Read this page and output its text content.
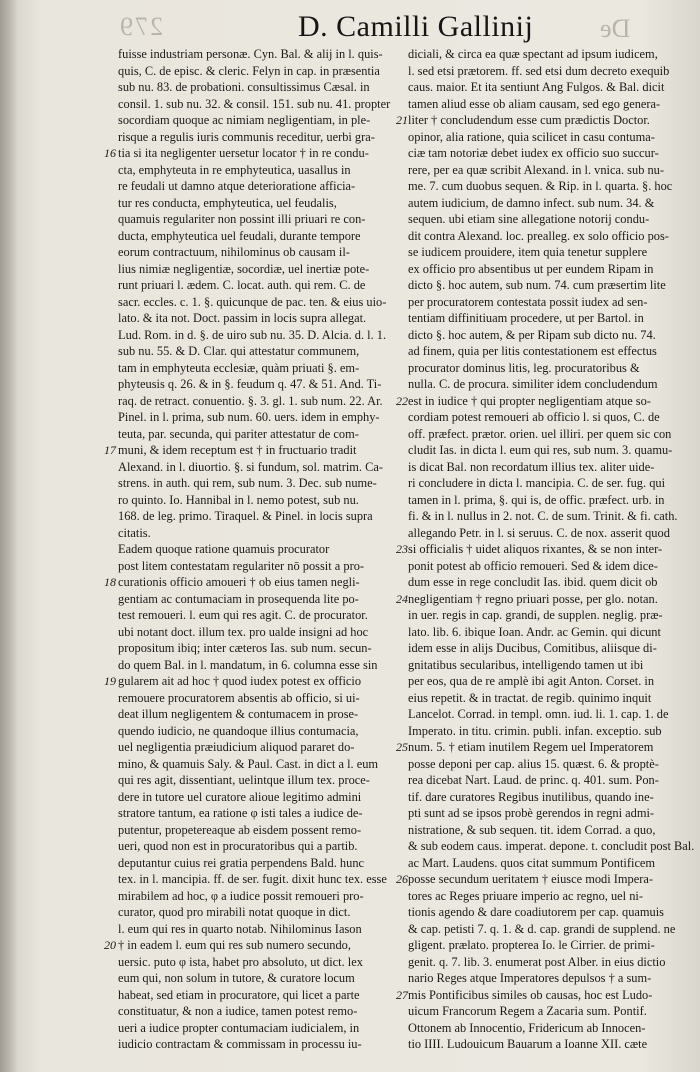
279	D. Camilli Gallinij	De
fuisse industriam personæ. Cyn. Bal. & alij in l. quis-
quis, C. de episc. & cleric. Felyn in cap. in præsentia
sub nu. 83. de probationi. consultissimus Cæsal. in
consil. 1. sub nu. 32. & consil. 151. sub nu. 41. propter
socordiam quoque ac nimiam negligentiam, in ple-
risque a regulis iuris communis receditur, uerbi gra-
16 tia si ita negligenter uersetur locator † in re condu-
cta, emphyteuta in re emphyteutica, uasallus in
re feudali ut damno atque deterioratione afficia-
tur res conducta, emphyteutica, uel feudalis,
quamuis regulariter non possint illi priuari re con-
ducta, emphyteutica uel feudali, durante tempore
eorum contractuum, nihilominus ob causam il-
lius nimiæ negligentiæ, socordiæ, uel inertiæ pote-
runt priuari l. ædem. C. locat. auth. qui rem. C. de
sacr. eccles. c. 1. §. quicunque de pac. ten. & eius uio-
lato. & ita not. Doct. passim in locis supra allegat.
Lud. Rom. in d. §. de uiro sub nu. 35. D. Alcia. d. l. 1.
sub nu. 55. & D. Clar. qui attestatur communem,
tam in emphyteuta ecclesiæ, quàm priuati §. em-
phyteusis q. 26. & in §. feudum q. 47. & 51. And. Ti-
raq. de retract. conuentio. §. 3. gl. 1. sub num. 22. Ar.
Pinel. in l. prima, sub num. 60. uers. idem in emphy-
teuta, par. secunda, qui pariter attestatur de com-
17 muni, & idem receptum est † in fructuario tradit
Alexand. in l. diuortio. §. si fundum, sol. matrim. Ca-
strens. in auth. qui rem, sub num. 3. Dec. sub nume-
ro quinto. Io. Hannibal in l. nemo potest, sub nu.
168. de leg. primo. Tiraquel. & Pinel. in locis supra
citatis.
Eadem quoque ratione quamuis procurator
post litem contestatam regulariter nō possit a pro-
18 curationis officio amoueri † ob eius tamen negli-
gentiam ac contumaciam in prosequenda lite po-
test remoueri. l. eum qui res agit. C. de procurator.
ubi notant doct. illum tex. pro ualde insigni ad hoc
propositum ibiq; inter cæteros Ias. sub num. secun-
do quem Bal. in l. mandatum, in 6. columna esse sin
19 gularem ait ad hoc † quod iudex potest ex officio
remouere procuratorem absentis ab officio, si ui-
deat illum negligentem & contumacem in prose-
quendo iudicio, ne quandoque illius contumacia,
uel negligentia præiudicium aliquod pararet do-
mino, & quamuis Saly. & Paul. Cast. in dict a l. eum
qui res agit, dissentiant, uelintque illum tex. proce-
dere in tutore uel curatore alioue legitimo admini
stratore tantum, ea ratione φ isti tales a iudice de-
putentur, propetereaque ab eisdem possent remo-
ueri, quod non est in procuratoribus qui a partib.
deputantur cuius rei gratia perpendens Bald. hunc
tex. in l. mancipia. ff. de ser. fugit. dixit hunc tex. esse
mirabilem ad hoc, φ a iudice possit remoueri pro-
curator, quod pro mirabili notat quoque in dict.
l. eum qui res in quarto notab. Nihilominus Iason
20 † in eadem l. eum qui res sub numero secundo,
uersic. puto φ ista, habet pro absoluto, ut dict. lex
eum qui, non solum in tutore, & curatore locum
habeat, sed etiam in procuratore, qui licet a parte
constituatur, & non a iudice, tamen potest remo-
ueri a iudice propter contumaciam iudicialem, in
iudicio contractam & commissam in processu iu-
diciali, & circa ea quæ spectant ad ipsum iudicem,
l. sed etsi prætorem. ff. sed etsi dum decreto exequib
caus. maior. Et ita sentiunt Ang Fulgos. & Bal. dicit
tamen aliud esse ob aliam causam, sed ego genera-
21 liter † concludendum esse cum prædictis Doctor.
opinor, alia ratione, quia scilicet in casu contuma-
ciæ tam notoriæ debet iudex ex officio suo succur-
rere, per ea quæ scribit Alexand. in l. vnica. sub nu-
me. 7. cum duobus sequen. & Rip. in l. quarta. §. hoc
autem iudicium, de damno infect. sub num. 34. &
sequen. ubi etiam sine allegatione notorij condu-
dit contra Alexand. loc. prealleg. ex solo officio pos-
se iudicem prouidere, item quia tenetur supplere
ex officio pro absentibus ut per eundem Ripam in
dicto §. hoc autem, sub num. 74. cum præsertim lite
per procuratorem contestata possit iudex ad sen-
tentiam diffinitiuam procedere, ut per Bartol. in
dicto §. hoc autem, & per Ripam sub dicto nu. 74.
ad finem, quia per litis contestationem est effectus
procurator dominus litis, leg. procuratoribus &
nulla. C. de procura. similiter idem concludendum
22 est in iudice † qui propter negligentiam atque so-
cordiam potest remoueri ab officio l. si quos, C. de
off. præfect. prætor. orien. uel illiri. per quem sic con
cludit Ias. in dicta l. eum qui res, sub num. 3. quamu-
is dicat Bal. non recordatum illius tex. aliter uide-
ri concludere in dicta l. mancipia. C. de ser. fug. qui
tamen in l. prima, §. qui is, de offic. præfect. urb. in
fi. & in l. nullus in 2. not. C. de sum. Trinit. & fi. cath.
allegando Petr. in l. si seruus. C. de nox. asserit quod
23 si officialis † uidet aliquos rixantes, & se non inter-
ponit potest ab officio remoueri. Sed & idem dice-
dum esse in rege concludit Ias. ibid. quem dicit ob
24 negligentiam † regno priuari posse, per glo. notan.
in uer. regis in cap. grandi, de supplen. neglig. præ-
lato. lib. 6. ibique Ioan. Andr. ac Gemin. qui dicunt
idem esse in alijs Ducibus, Comitibus, aliisque di-
gnitatibus secularibus, intelligendo tamen ut ibi
per eos, qua de re amplè ibi agit Anton. Corset. in
eius repetit. & in tractat. de regib. quinimo inquit
Lancelot. Corrad. in templ. omn. iud. li. 1. cap. 1. de
Imperato. in titu. crimin. publi. infan. exceptio. sub
25 num. 5. † etiam inutilem Regem uel Imperatorem
posse deponi per cap. alius 15. quæst. 6. & proptè-
rea dicebat Nart. Laud. de princ. q. 401. sum. Pon-
tif. dare curatores Regibus inutilibus, quando ine-
pti sunt ad se ipsos probè gerendos in regni admi-
nistratione, & sub sequen. tit. idem Corrad. a quo,
& sub eodem caus. imperat. depone. t. concludit post Bal.
ac Mart. Laudens. quos citat summum Pontificem
26 posse secundum ueritatem † eiusce modi Impera-
tores ac Reges priuare imperio ac regno, uel ni-
tionis agendo & dare coadiutorem per cap. quamuis
& cap. petisti 7. q. 1. & d. cap. grandi de supplend. ne
gligent. prælato. propterea Io. le Cirrier. de primi-
genit. q. 7. lib. 3. enumerat post Alber. in eius dictio
nario Reges atque Imperatores depulsos † a sum-
27 mis Pontificibus similes ob causas, hoc est Ludo-
uicum Francorum Regem a Zacaria sum. Pontif.
Ottonem ab Innocentio, Fridericum ab Innocen-
tio IIII. Ludouicum Bauarum a Ioanne XII. cæte
